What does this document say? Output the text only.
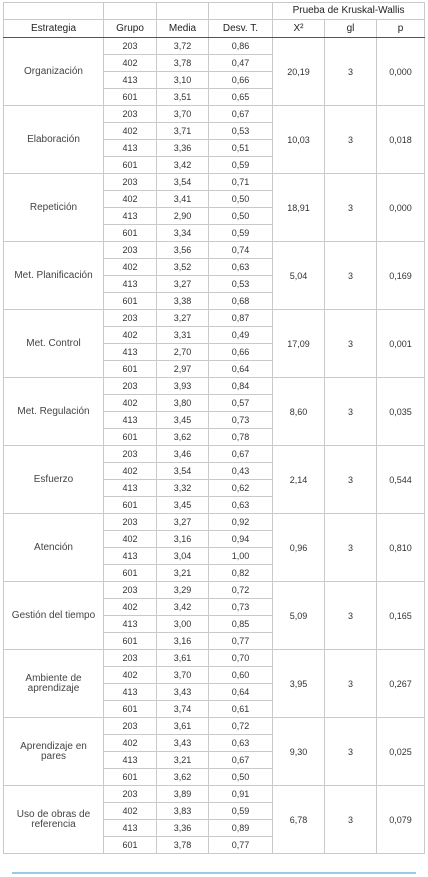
				Prueba de Kruskal-Wallis		
Estrategia	Grupo	Media	Desv. T.	X²	gl	p
Organización	203	3,72	0,86	20,19	3	0,000
	402	3,78	0,47			
	413	3,10	0,66			
	601	3,51	0,65			
Elaboración	203	3,70	0,67	10,03	3	0,018
	402	3,71	0,53			
	413	3,36	0,51			
	601	3,42	0,59			
Repetición	203	3,54	0,71	18,91	3	0,000
	402	3,41	0,50			
	413	2,90	0,50			
	601	3,34	0,59			
Met. Planificación	203	3,56	0,74	5,04	3	0,169
	402	3,52	0,63			
	413	3,27	0,53			
	601	3,38	0,68			
Met. Control	203	3,27	0,87	17,09	3	0,001
	402	3,31	0,49			
	413	2,70	0,66			
	601	2,97	0,64			
Met. Regulación	203	3,93	0,84	8,60	3	0,035
	402	3,80	0,57			
	413	3,45	0,73			
	601	3,62	0,78			
Esfuerzo	203	3,46	0,67	2,14	3	0,544
	402	3,54	0,43			
	413	3,32	0,62			
	601	3,45	0,63			
Atención	203	3,27	0,92	0,96	3	0,810
	402	3,16	0,94			
	413	3,04	1,00			
	601	3,21	0,82			
Gestión del tiempo	203	3,29	0,72	5,09	3	0,165
	402	3,42	0,73			
	413	3,00	0,85			
	601	3,16	0,77			
Ambiente de aprendizaje	203	3,61	0,70	3,95	3	0,267
	402	3,70	0,60			
	413	3,43	0,64			
	601	3,74	0,61			
Aprendizaje en pares	203	3,61	0,72	9,30	3	0,025
	402	3,43	0,63			
	413	3,21	0,67			
	601	3,62	0,50			
Uso de obras de referencia	203	3,89	0,91	6,78	3	0,079
	402	3,83	0,59			
	413	3,36	0,89			
	601	3,78	0,77			
